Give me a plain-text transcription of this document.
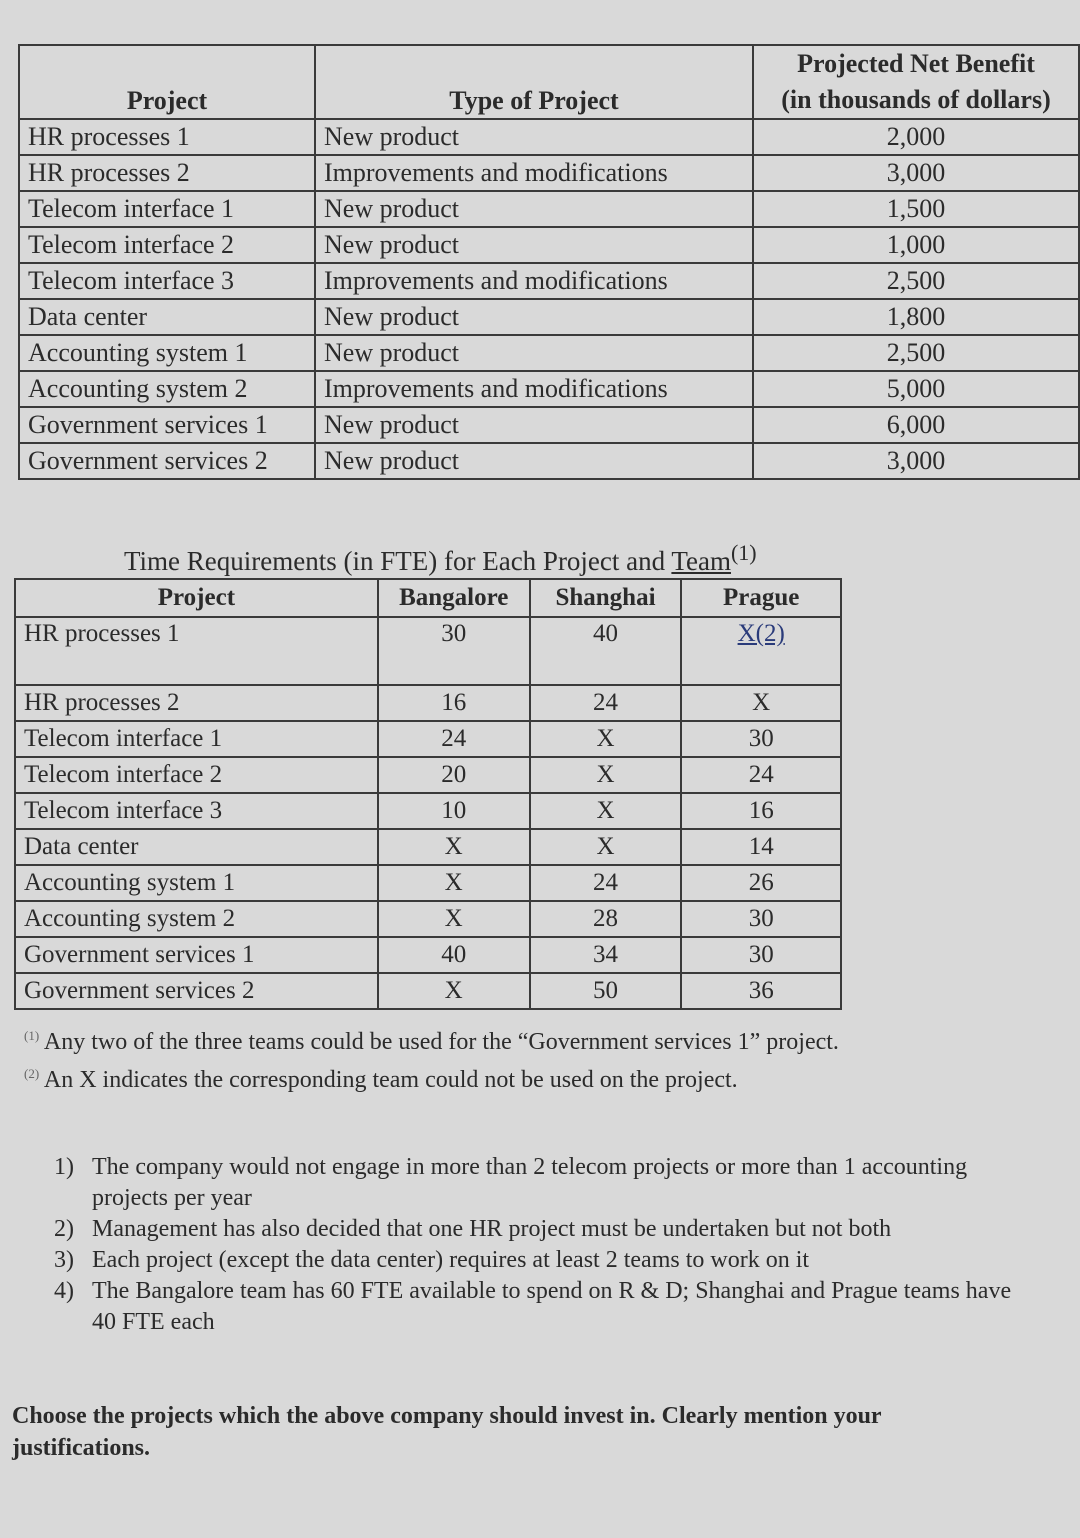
Project	Type of Project	Projected Net Benefit
(in thousands of dollars)

HR processes 1	New product	2,000
HR processes 2	Improvements and modifications	3,000
Telecom interface 1	New product	1,500
Telecom interface 2	New product	1,000
Telecom interface 3	Improvements and modifications	2,500
Data center	New product	1,800
Accounting system 1	New product	2,500
Accounting system 2	Improvements and modifications	5,000
Government services 1	New product	6,000
Government services 2	New product	3,000
Time Requirements (in FTE) for Each Project and Team$^{(1)}$
Project	Bangalore	Shanghai	Prague
HR processes 1	30	40	X(2)
HR processes 2	16	24	X
Telecom interface 1	24	X	30
Telecom interface 2	20	X	24
Telecom interface 3	10	X	16
Data center	X	X	14
Accounting system 1	X	24	26
Accounting system 2	X	28	30
Government services 1	40	34	30
Government services 2	X	50	36
$^{(1)}$ Any two of the three teams could be used for the “Government services 1” project.
$^{(2)}$ An X indicates the corresponding team could not be used on the project.
1) The company would not engage in more than 2 telecom projects or more than 1 accounting projects per year
2) Management has also decided that one HR project must be undertaken but not both
3) Each project (except the data center) requires at least 2 teams to work on it
4) The Bangalore team has 60 FTE available to spend on R & D; Shanghai and Prague teams have 40 FTE each
Choose the projects which the above company should invest in. Clearly mention your justifications.
